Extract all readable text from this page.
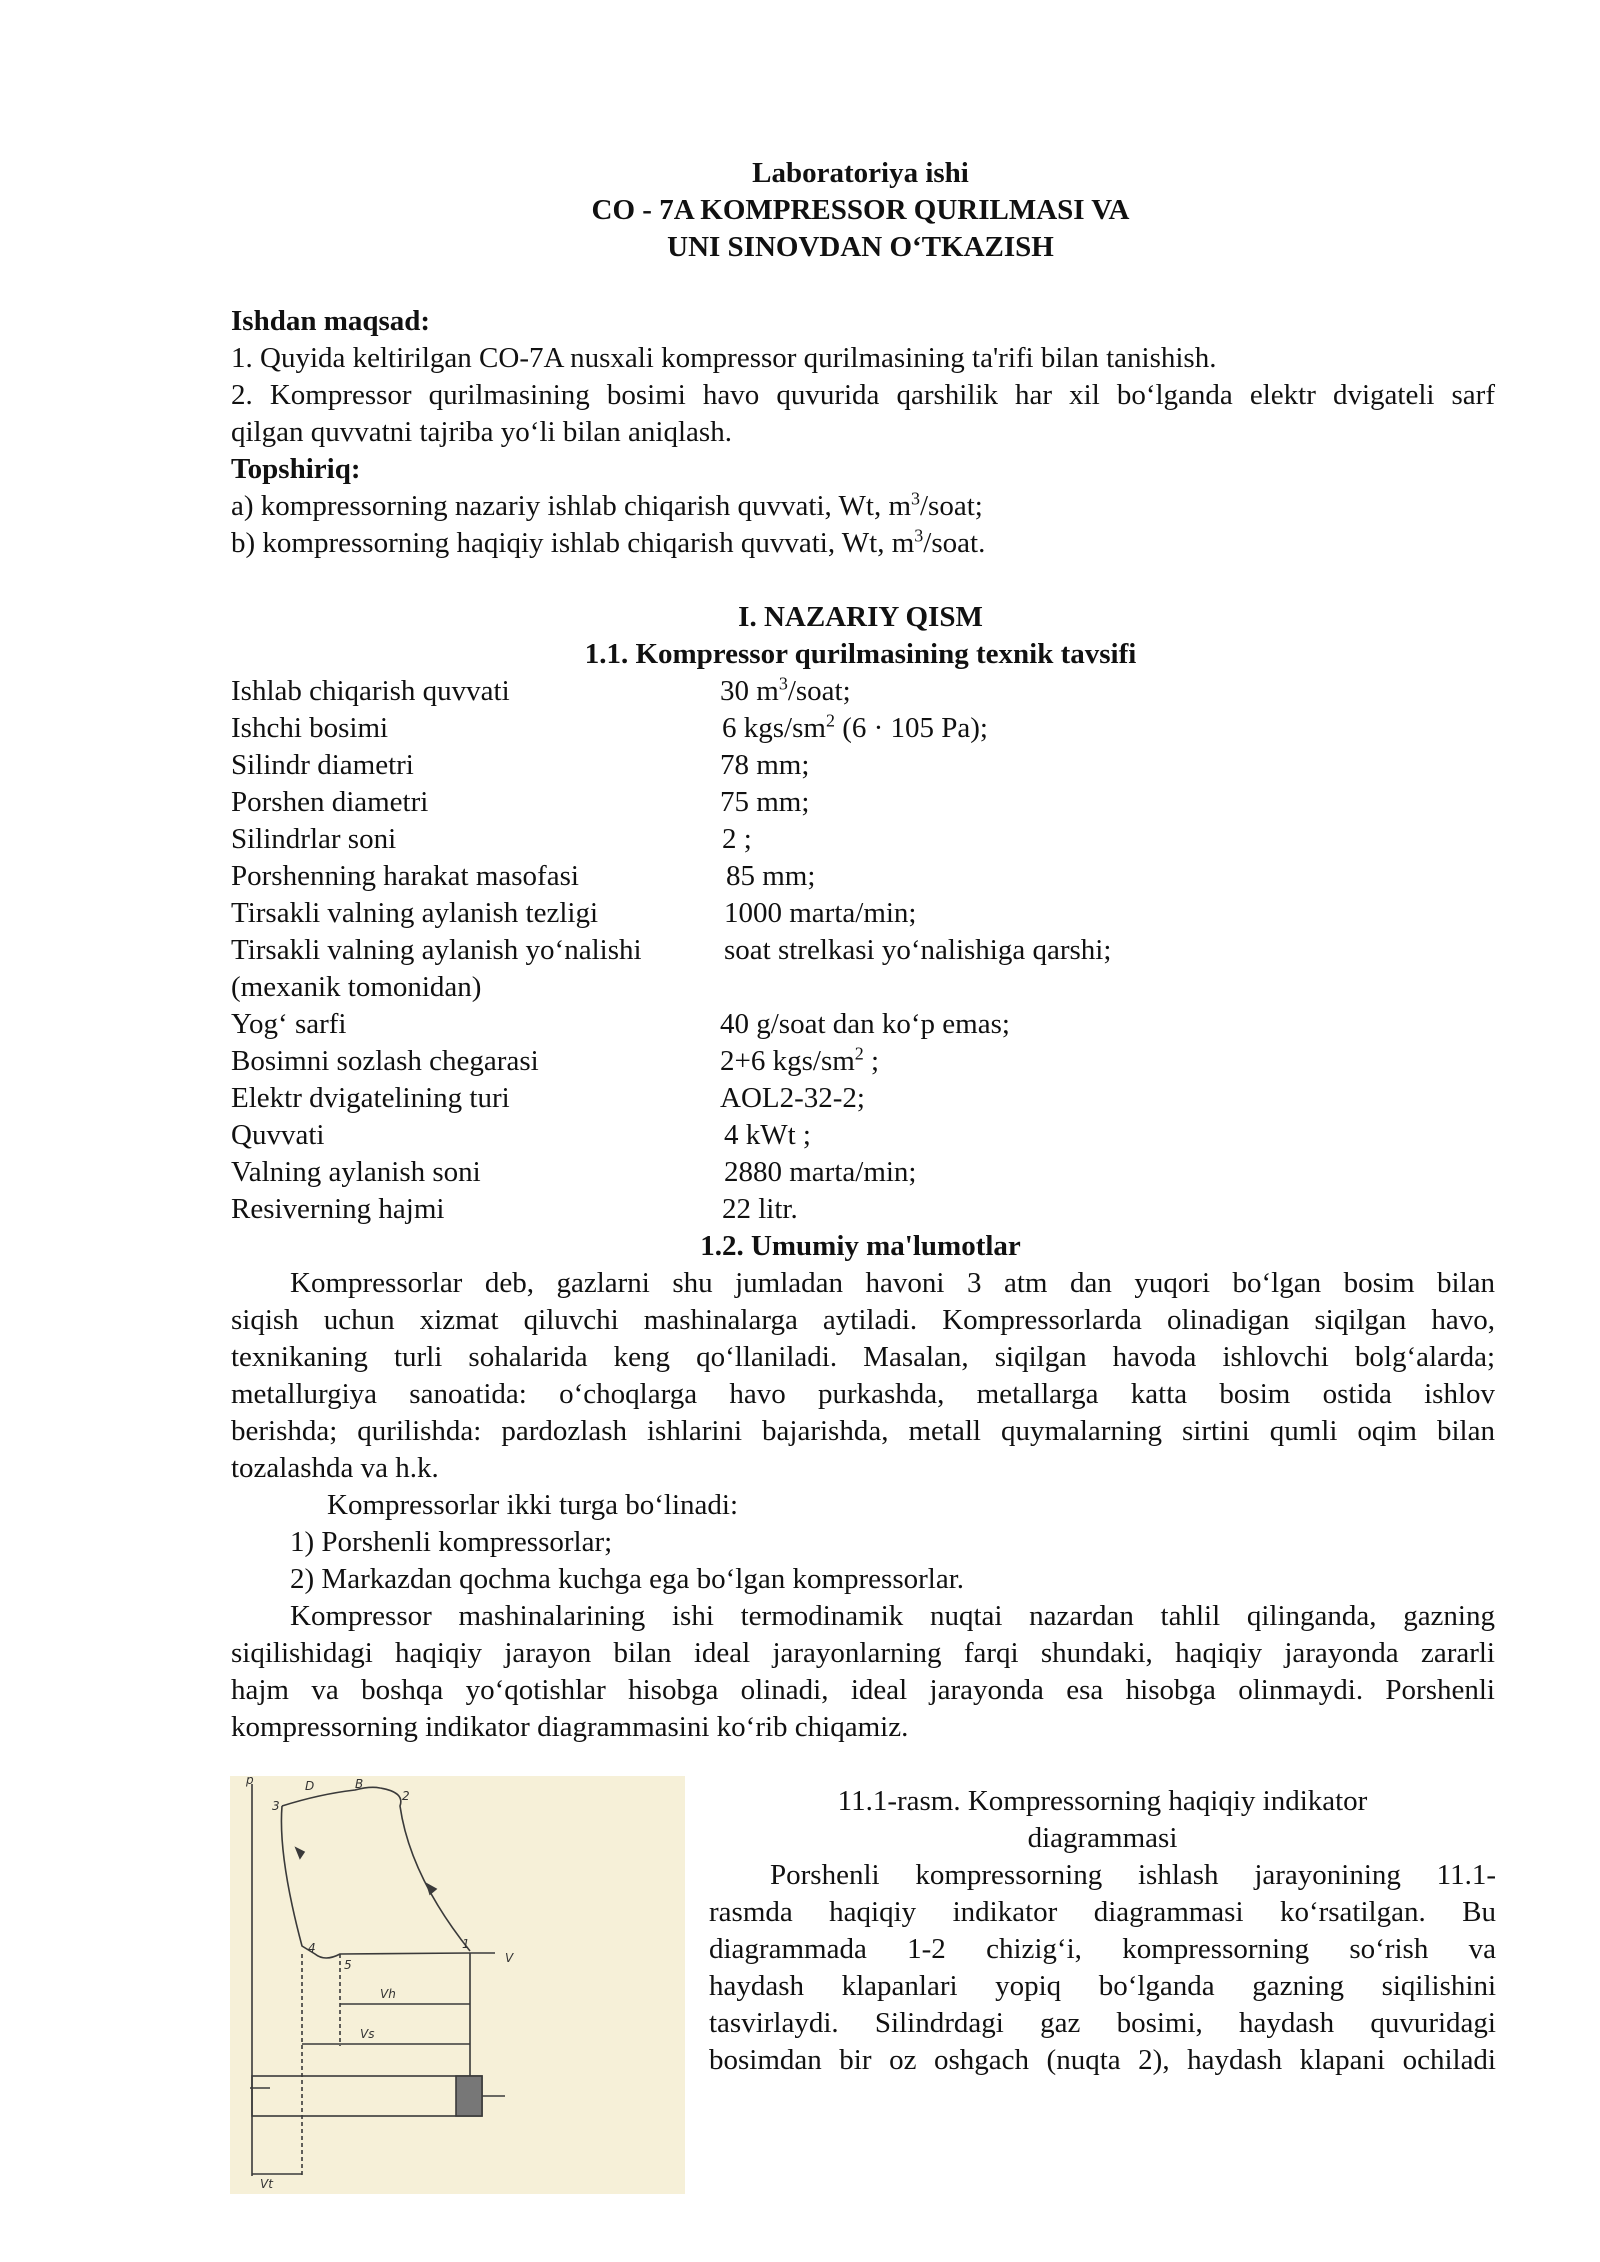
Laboratoriya ishi
CO - 7A KOMPRESSOR QURILMASI VA
UNI SINOVDAN O‘TKAZISH
Ishdan maqsad:
1. Quyida keltirilgan CO-7A nusxali kompressor qurilmasining ta'rifi bilan tanishish.
2. Kompressor qurilmasining bosimi havo quvurida qarshilik har xil bo‘lganda elektr dvigateli sarf
qilgan quvvatni tajriba yo‘li bilan aniqlash.
Topshiriq:
a) kompressorning nazariy ishlab chiqarish quvvati, Wt, $m^3$/soat;
b) kompressorning haqiqiy ishlab chiqarish quvvati, Wt, $m^3$/soat.
I. NAZARIY QISM
1.1. Kompressor qurilmasining texnik tavsifi
Ishlab chiqarish quvvati	30 $m^3$/soat;
Ishchi bosimi	6 kgs/$sm^2$ (6 · 105 Pa);
Silindr diametri	78 mm;
Porshen diametri	75 mm;
Silindrlar soni	2 ;
Porshenning harakat masofasi	85 mm;
Tirsakli valning aylanish tezligi	1000 marta/min;
Tirsakli valning aylanish yo‘nalishi	soat strelkasi yo‘nalishiga qarshi;
(mexanik tomonidan)
Yog‘ sarfi	40 g/soat dan ko‘p emas;
Bosimni sozlash chegarasi	2+6 kgs/$sm^2$ ;
Elektr dvigatelining turi	AOL2-32-2;
Quvvati	4 kWt ;
Valning aylanish soni	2880 marta/min;
Resiverning hajmi	22 litr.
1.2. Umumiy ma'lumotlar
Kompressorlar deb, gazlarni shu jumladan havoni 3 atm dan yuqori bo‘lgan bosim bilan
siqish uchun xizmat qiluvchi mashinalarga aytiladi. Kompressorlarda olinadigan siqilgan havo,
texnikaning turli sohalarida keng qo‘llaniladi. Masalan, siqilgan havoda ishlovchi bolg‘alarda;
metallurgiya sanoatida: o‘choqlarga havo purkashda, metallarga katta bosim ostida ishlov
berishda; qurilishda: pardozlash ishlarini bajarishda, metall quymalarning sirtini qumli oqim bilan
tozalashda va h.k.
Kompressorlar ikki turga bo‘linadi:
1) Porshenli kompressorlar;
2) Markazdan qochma kuchga ega bo‘lgan kompressorlar.
Kompressor mashinalarining ishi termodinamik nuqtai nazardan tahlil qilinganda, gazning
siqilishidagi haqiqiy jarayon bilan ideal jarayonlarning farqi shundaki, haqiqiy jarayonda zararli
hajm va boshqa yo‘qotishlar hisobga olinadi, ideal jarayonda esa hisobga olinmaydi. Porshenli
kompressorning indikator diagrammasini ko‘rib chiqamiz.
p	D	B
3
2
4
5
1
V
Vh
Vs
Vt
11.1-rasm. Kompressorning haqiqiy indikator
diagrammasi
Porshenli kompressorning ishlash jarayonining 11.1-
rasmda haqiqiy indikator diagrammasi ko‘rsatilgan. Bu
diagrammada 1-2 chizig‘i, kompressorning so‘rish va
haydash klapanlari yopiq bo‘lganda gazning siqilishini
tasvirlaydi. Silindrdagi gaz bosimi, haydash quvuridagi
bosimdan bir oz oshgach (nuqta 2), haydash klapani ochiladi
